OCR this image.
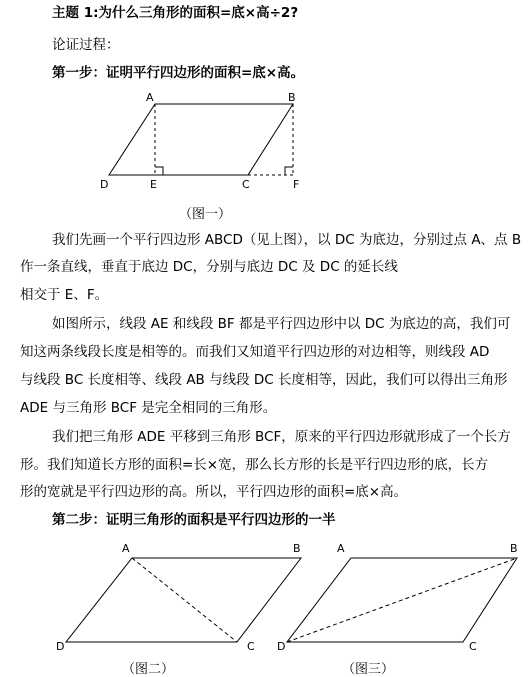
主题 1:为什么三角形的面积=底×高÷2?
论证过程：
第一步：证明平行四边形的面积=底×高。
A	B
D	E	C	F
（图一）
我们先画一个平行四边形 ABCD（见上图），以 DC 为底边，分别过点 A、点 B
作一条直线，垂直于底边 DC，分别与底边 DC 及 DC 的延长线
相交于 E、F。
如图所示，线段 AE 和线段 BF 都是平行四边形中以 DC 为底边的高，我们可
知这两条线段长度是相等的。而我们又知道平行四边形的对边相等，则线段 AD
与线段 BC 长度相等、线段 AB 与线段 DC 长度相等，因此，我们可以得出三角形
ADE 与三角形 BCF 是完全相同的三角形。
我们把三角形 ADE 平移到三角形 BCF，原来的平行四边形就形成了一个长方
形。我们知道长方形的面积=长×宽，那么长方形的长是平行四边形的底，长方
形的宽就是平行四边形的高。所以，平行四边形的面积=底×高。
第二步：证明三角形的面积是平行四边形的一半
A	B
D	C
（图二）
A	B
D	C
（图三）
